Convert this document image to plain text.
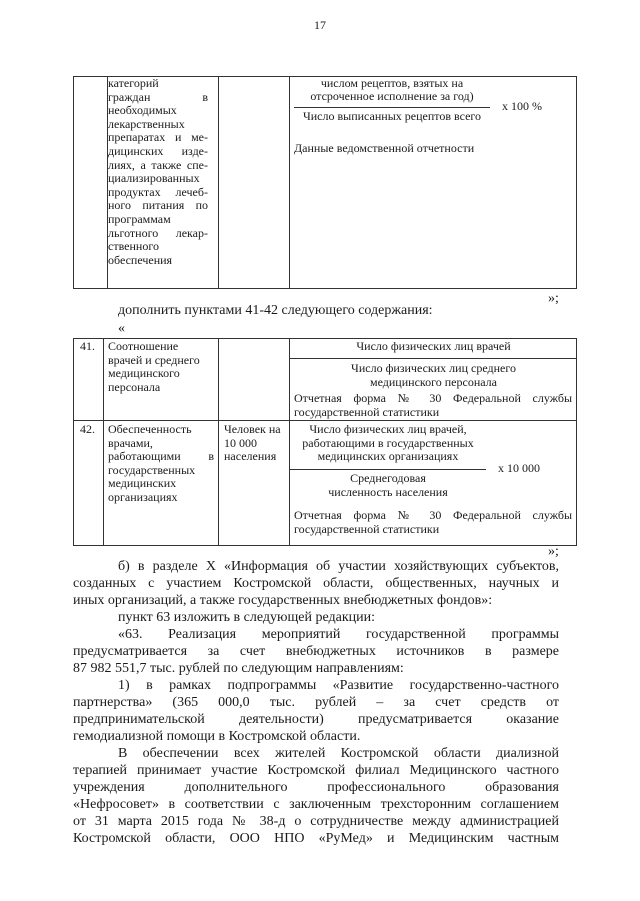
17
категорий
граждан в
необходимых
лекарственных
препаратах и ме-
дицинских изде-
лиях, а также спе-
циализированных
продуктах лечеб-
ного питания по
программам
льготного лекар-
ственного
обеспечения
числом рецептов, взятых на
отсроченное исполнение за год)
Число выписанных рецептов всего
x 100 %
Данные ведомственной отчетности
»;
дополнить пунктами 41-42 следующего содержания:
«
41. Соотношение
врачей и среднего
медицинского
персонала
Число физических лиц врачей
Число физических лиц среднего
медицинского персонала
Отчетная форма № 30 Федеральной службы
государственной статистики
42. Обеспеченность
врачами,
работающими в
государственных
медицинских
организациях
Человек на
10 000
населения
Число физических лиц врачей,
работающими в государственных
медицинских организациях
x 10 000
Среднегодовая
численность населения
Отчетная форма № 30 Федеральной службы
государственной статистики
»;
б) в разделе X «Информация об участии хозяйствующих субъектов,
созданных с участием Костромской области, общественных, научных и
иных организаций, а также государственных внебюджетных фондов»:
пункт 63 изложить в следующей редакции:
«63. Реализация мероприятий государственной программы
предусматривается за счет внебюджетных источников в размере
87 982 551,7 тыс. рублей по следующим направлениям:
1) в рамках подпрограммы «Развитие государственно-частного
партнерства» (365 000,0 тыс. рублей – за счет средств от
предпринимательской деятельности) предусматривается оказание
гемодиализной помощи в Костромской области.
В обеспечении всех жителей Костромской области диализной
терапией принимает участие Костромской филиал Медицинского частного
учреждения дополнительного профессионального образования
«Нефросовет» в соответствии с заключенным трехсторонним соглашением
от 31 марта 2015 года № 38-д о сотрудничестве между администрацией
Костромской области, ООО НПО «РуМед» и Медицинским частным
